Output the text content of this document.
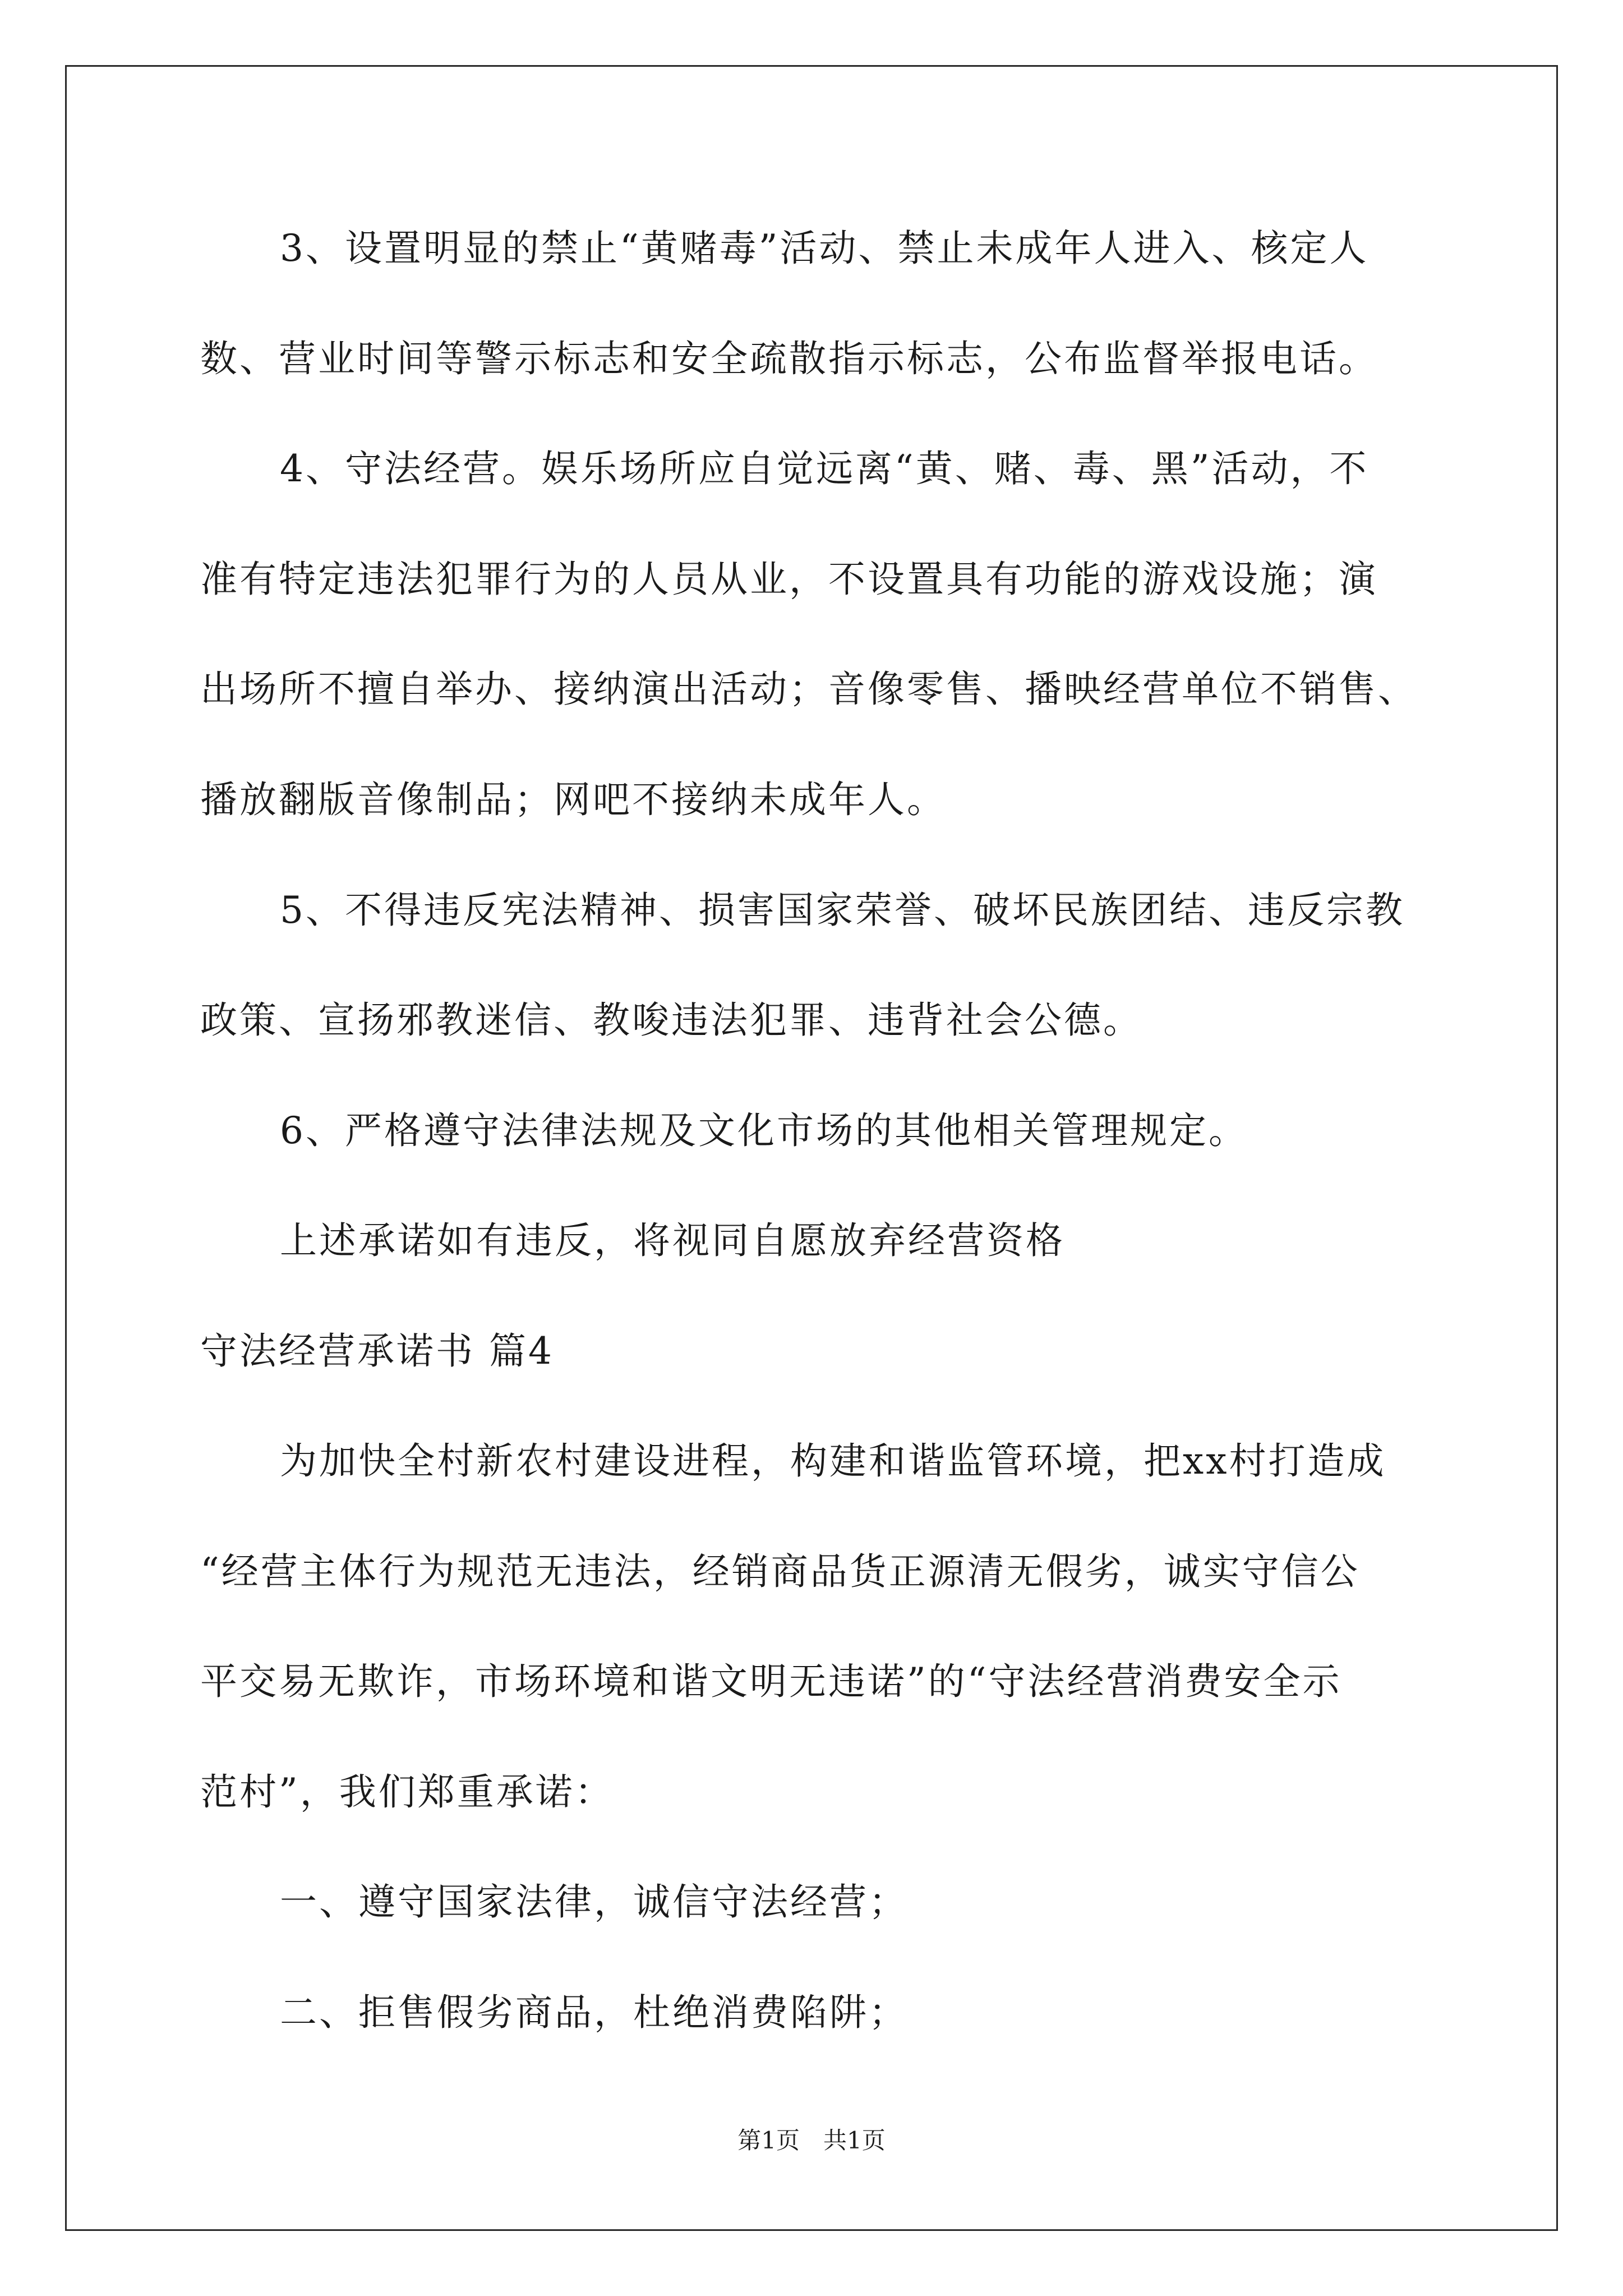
3、设置明显的禁止“黄赌毒”活动、禁止未成年人进入、核定人
数、营业时间等警示标志和安全疏散指示标志，公布监督举报电话。
4、守法经营。娱乐场所应自觉远离“黄、赌、毒、黑”活动，不
准有特定违法犯罪行为的人员从业，不设置具有功能的游戏设施；演
出场所不擅自举办、接纳演出活动；音像零售、播映经营单位不销售、
播放翻版音像制品；网吧不接纳未成年人。
5、不得违反宪法精神、损害国家荣誉、破坏民族团结、违反宗教
政策、宣扬邪教迷信、教唆违法犯罪、违背社会公德。
6、严格遵守法律法规及文化市场的其他相关管理规定。
上述承诺如有违反，将视同自愿放弃经营资格
守法经营承诺书 篇4
为加快全村新农村建设进程，构建和谐监管环境，把xx村打造成
“经营主体行为规范无违法，经销商品货正源清无假劣，诚实守信公
平交易无欺诈，市场环境和谐文明无违诺”的“守法经营消费安全示
范村”，我们郑重承诺：
一、遵守国家法律，诚信守法经营；
二、拒售假劣商品，杜绝消费陷阱；
第1页　共1页
